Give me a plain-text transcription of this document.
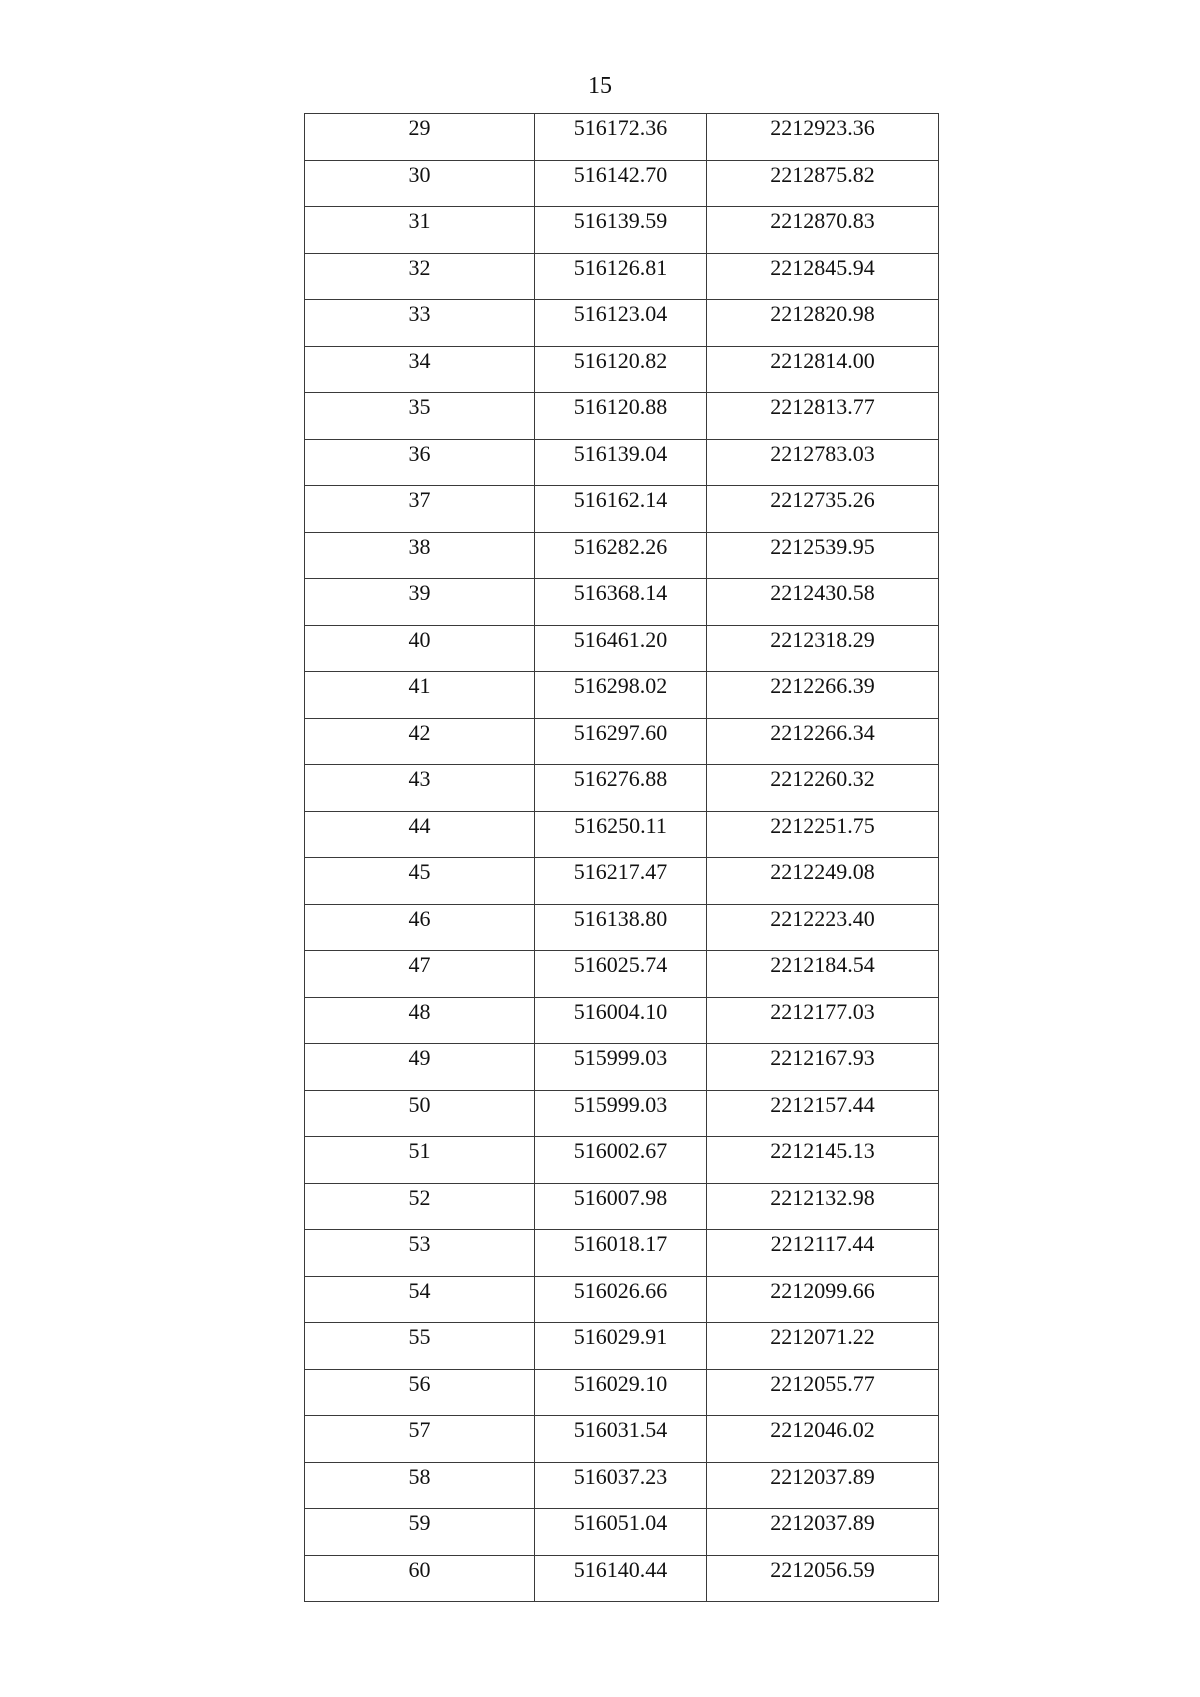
15
29	516172.36	2212923.36
30	516142.70	2212875.82
31	516139.59	2212870.83
32	516126.81	2212845.94
33	516123.04	2212820.98
34	516120.82	2212814.00
35	516120.88	2212813.77
36	516139.04	2212783.03
37	516162.14	2212735.26
38	516282.26	2212539.95
39	516368.14	2212430.58
40	516461.20	2212318.29
41	516298.02	2212266.39
42	516297.60	2212266.34
43	516276.88	2212260.32
44	516250.11	2212251.75
45	516217.47	2212249.08
46	516138.80	2212223.40
47	516025.74	2212184.54
48	516004.10	2212177.03
49	515999.03	2212167.93
50	515999.03	2212157.44
51	516002.67	2212145.13
52	516007.98	2212132.98
53	516018.17	2212117.44
54	516026.66	2212099.66
55	516029.91	2212071.22
56	516029.10	2212055.77
57	516031.54	2212046.02
58	516037.23	2212037.89
59	516051.04	2212037.89
60	516140.44	2212056.59
